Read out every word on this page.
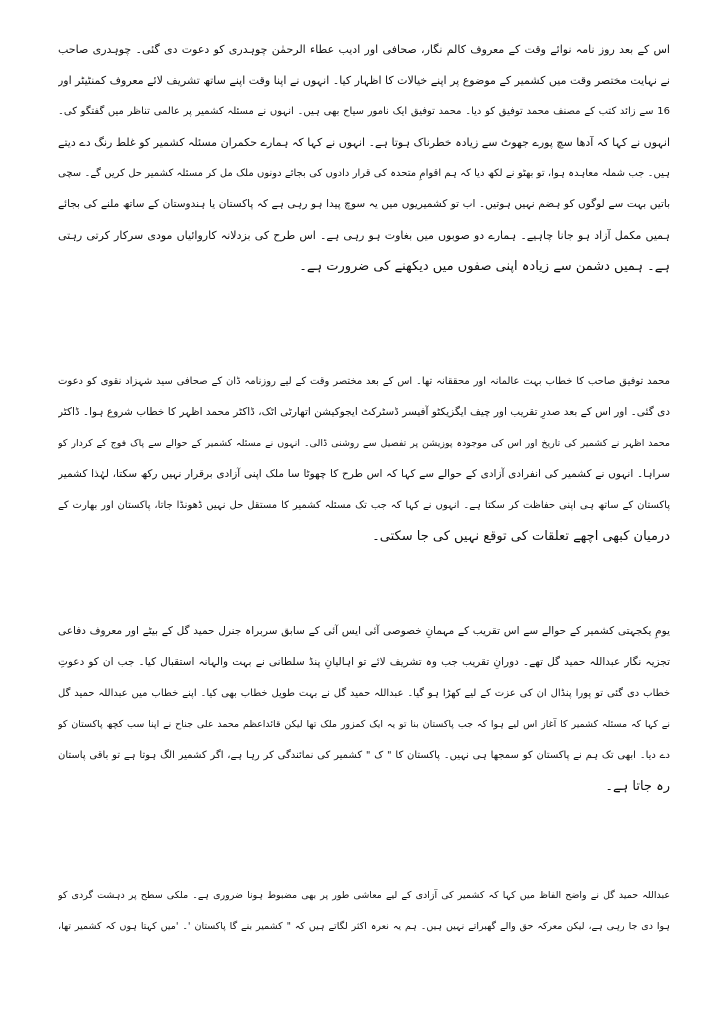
اس کے بعد روز نامہ نوائے وقت کے معروف کالم نگار، صحافی اور ادیب عطاء الرحمٰن چوہدری کو دعوت دی گئی۔ چوہدری صاحب
نے نہایت مختصر وقت میں کشمیر کے موضوع پر اپنے خیالات کا اظہار کیا۔ انہوں نے اپنا وقت اپنے ساتھ تشریف لائے معروف کمنٹیٹر اور
16 سے زائد کتب کے مصنف محمد توفیق کو دیا۔ محمد توفیق ایک نامور سیاح بھی ہیں۔ انہوں نے مسئلہ کشمیر پر عالمی تناظر میں گفتگو کی۔
انہوں نے کہا کہ آدھا سچ پورے جھوٹ سے زیادہ خطرناک ہوتا ہے۔ انہوں نے کہا کہ ہمارے حکمران مسئلہ کشمیر کو غلط رنگ دے دیتے
ہیں۔ جب شملہ معاہدہ ہوا، تو بھٹو نے لکھ دیا کہ ہم اقوامِ متحدہ کی قرار دادوں کی بجائے دونوں ملک مل کر مسئلہ کشمیر حل کریں گے۔ سچی
باتیں بہت سے لوگوں کو ہضم نہیں ہوتیں۔ اب تو کشمیریوں میں یہ سوچ پیدا ہو رہی ہے کہ پاکستان یا ہندوستان کے ساتھ ملنے کی بجائے
ہمیں مکمل آزاد ہو جانا چاہیے۔ ہمارے دو صوبوں میں بغاوت ہو رہی ہے۔ اس طرح کی بزدلانہ کاروائیاں مودی سرکار کرتی رہتی
ہے۔ ہمیں دشمن سے زیادہ اپنی صفوں میں دیکھنے کی ضرورت ہے۔
محمد توفیق صاحب کا خطاب بہت عالمانہ اور محققانہ تھا۔ اس کے بعد مختصر وقت کے لیے روزنامہ ڈان کے صحافی سید شہزاد نقوی کو دعوت
دی گئی۔ اور اس کے بعد صدرِ تقریب اور چیف ایگزیکٹو آفیسر ڈسٹرکٹ ایجوکیشن اتھارٹی اٹک، ڈاکٹر محمد اظہر کا خطاب شروع ہوا۔ ڈاکٹر
محمد اظہر نے کشمیر کی تاریخ اور اس کی موجودہ پوزیشن پر تفصیل سے روشنی ڈالی۔ انہوں نے مسئلہ کشمیر کے حوالے سے پاک فوج کے کردار کو
سراہا۔ انہوں نے کشمیر کی انفرادی آزادی کے حوالے سے کہا کہ اس طرح کا چھوٹا سا ملک اپنی آزادی برقرار نہیں رکھ سکتا، لہٰذا کشمیر
پاکستان کے ساتھ ہی اپنی حفاظت کر سکتا ہے۔ انہوں نے کہا کہ جب تک مسئلہ کشمیر کا مستقل حل نہیں ڈھونڈا جاتا، پاکستان اور بھارت کے
درمیان کبھی اچھے تعلقات کی توقع نہیں کی جا سکتی۔
یومِ یکجہتی کشمیر کے حوالے سے اس تقریب کے مہمانِ خصوصی آئی ایس آئی کے سابق سربراہ جنرل حمید گل کے بیٹے اور معروف دفاعی
تجزیہ نگار عبداللہ حمید گل تھے۔ دورانِ تقریب جب وہ تشریف لائے تو اہالیانِ پنڈ سلطانی نے بہت والہانہ استقبال کیا۔ جب ان کو دعوتِ
خطاب دی گئی تو پورا پنڈال ان کی عزت کے لیے کھڑا ہو گیا۔ عبداللہ حمید گل نے بہت طویل خطاب بھی کیا۔ اپنے خطاب میں عبداللہ حمید گل
نے کہا کہ مسئلہ کشمیر کا آغاز اس لیے ہوا کہ جب پاکستان بنا تو یہ ایک کمزور ملک تھا لیکن قائداعظم محمد علی جناح نے اپنا سب کچھ پاکستان کو
دے دیا۔ ابھی تک ہم نے پاکستان کو سمجھا ہی نہیں۔ پاکستان کا " ک " کشمیر کی نمائندگی کر رہا ہے، اگر کشمیر الگ ہوتا ہے تو باقی پاستان
رہ جاتا ہے۔
عبداللہ حمید گل نے واضح الفاظ میں کہا کہ کشمیر کی آزادی کے لیے معاشی طور پر بھی مضبوط ہونا ضروری ہے۔ ملکی سطح پر دہشت گردی کو
ہوا دی جا رہی ہے، لیکن معرکہ حق والے گھبراتے نہیں ہیں۔ ہم یہ نعرہ اکثر لگاتے ہیں کہ " کشمیر بنے گا پاکستان '۔ 'میں کہتا ہوں کہ کشمیر تھا،
